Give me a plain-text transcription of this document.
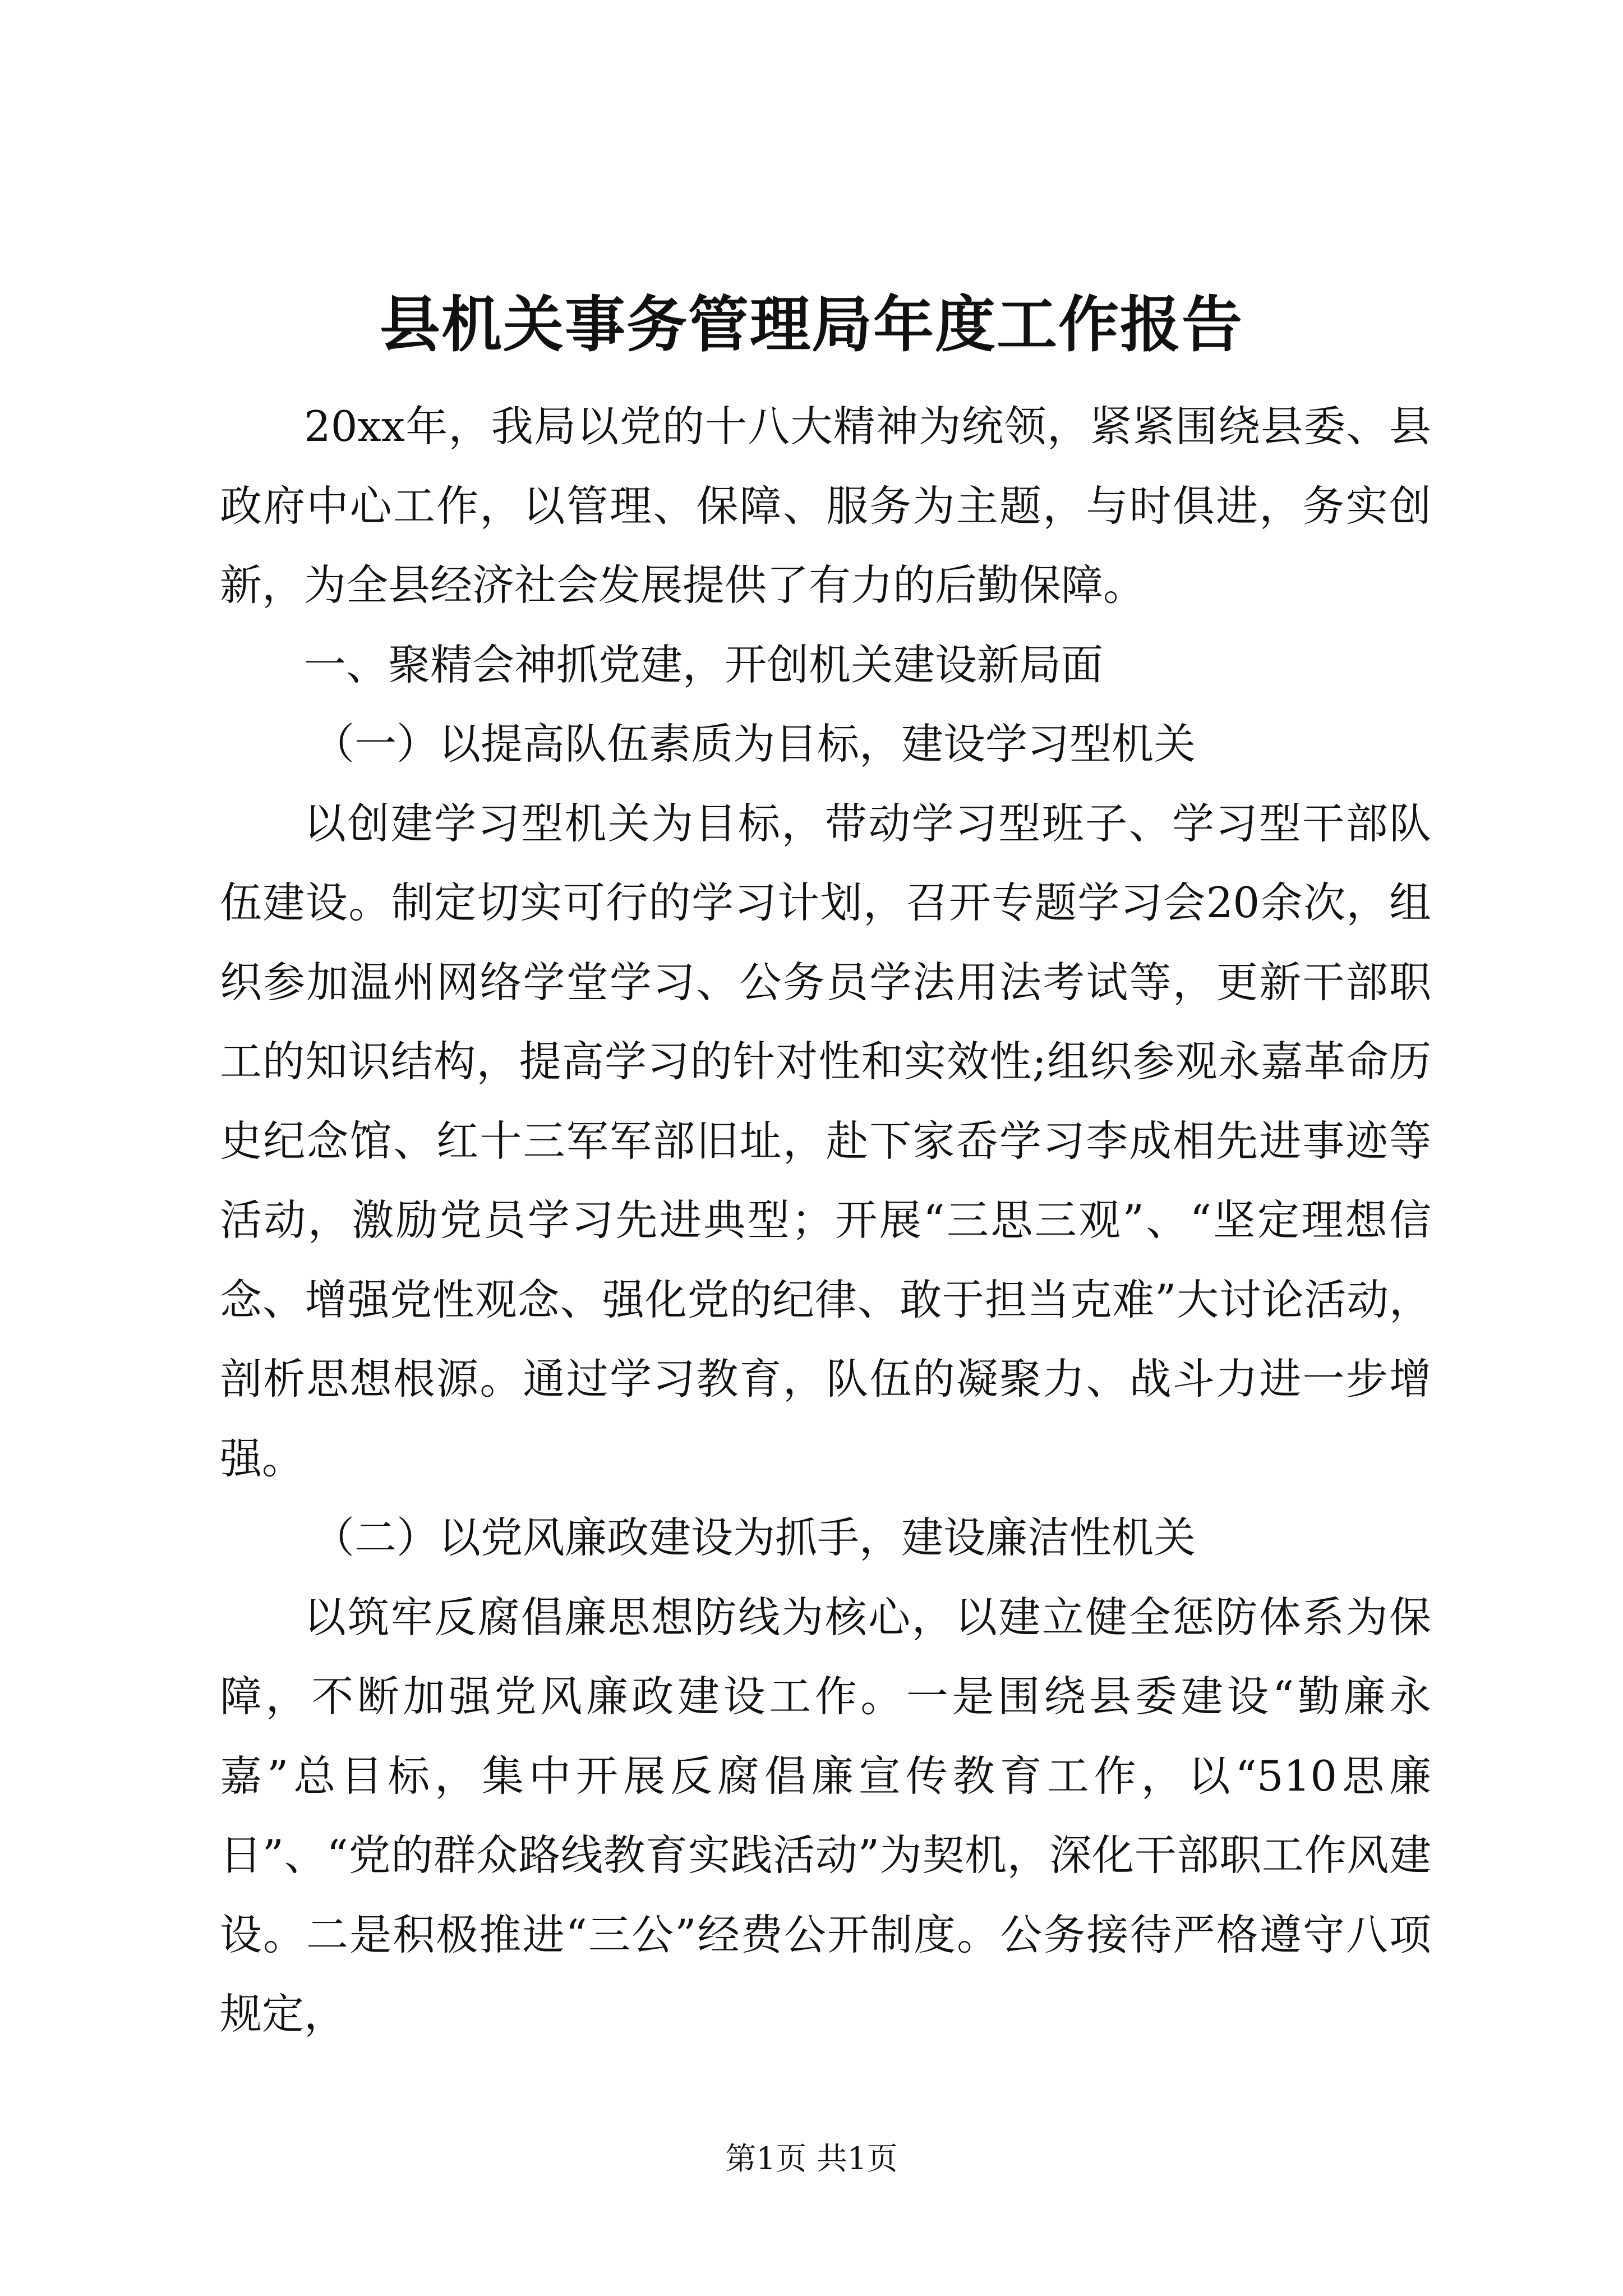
县机关事务管理局年度工作报告

20xx年，我局以党的十八大精神为统领，紧紧围绕县委、县政府中心工作，以管理、保障、服务为主题，与时俱进，务实创新，为全县经济社会发展提供了有力的后勤保障。

一、聚精会神抓党建，开创机关建设新局面

（一）以提高队伍素质为目标，建设学习型机关

以创建学习型机关为目标，带动学习型班子、学习型干部队伍建设。制定切实可行的学习计划，召开专题学习会20余次，组织参加温州网络学堂学习、公务员学法用法考试等，更新干部职工的知识结构，提高学习的针对性和实效性;组织参观永嘉革命历史纪念馆、红十三军军部旧址，赴下家岙学习李成相先进事迹等活动，激励党员学习先进典型；开展“三思三观”、“坚定理想信念、增强党性观念、强化党的纪律、敢于担当克难”大讨论活动，剖析思想根源。通过学习教育，队伍的凝聚力、战斗力进一步增强。

（二）以党风廉政建设为抓手，建设廉洁性机关

以筑牢反腐倡廉思想防线为核心，以建立健全惩防体系为保障，不断加强党风廉政建设工作。一是围绕县委建设“勤廉永嘉”总目标，集中开展反腐倡廉宣传教育工作，以“510思廉日”、“党的群众路线教育实践活动”为契机，深化干部职工作风建设。二是积极推进“三公”经费公开制度。公务接待严格遵守八项规定，

第1页 共1页
